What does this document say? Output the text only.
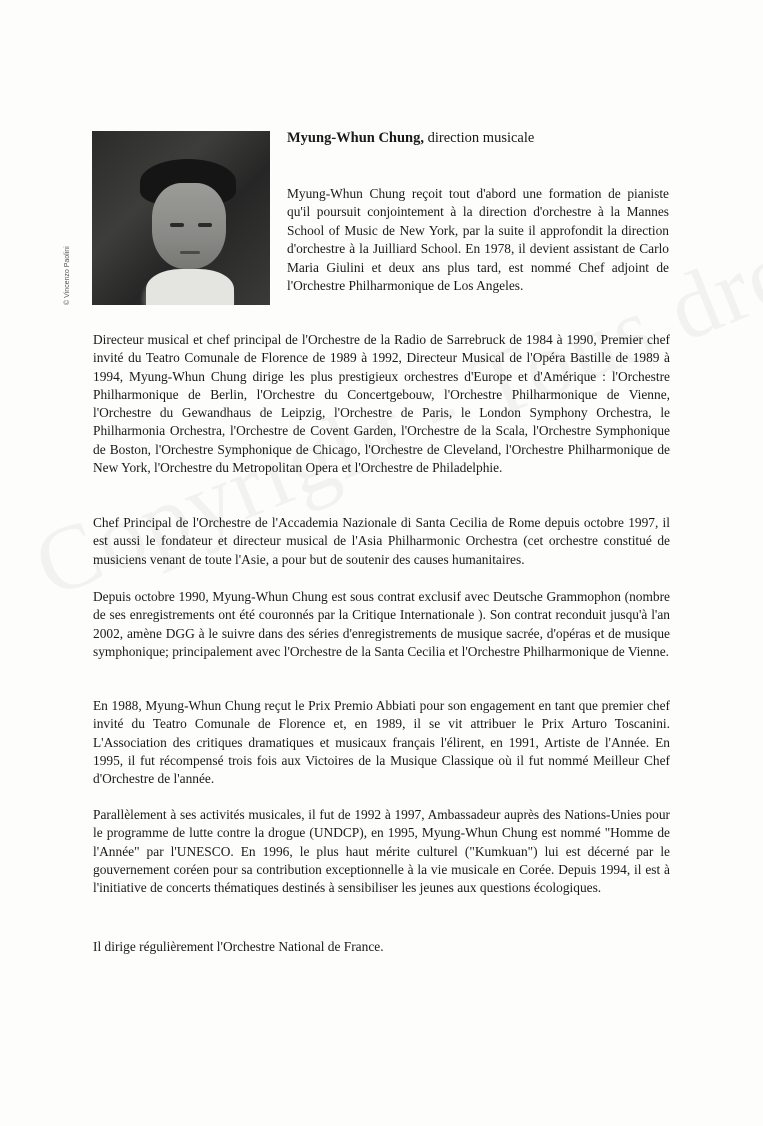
© Vincenzo Paolini
Myung-Whun Chung, direction musicale

Myung-Whun Chung reçoit tout d'abord une formation de pianiste qu'il poursuit conjointement à la direction d'orchestre à la Mannes School of Music de New York, par la suite il approfondit la direction d'orchestre à la Juilliard School. En 1978, il devient assistant de Carlo Maria Giulini et deux ans plus tard, est nommé Chef adjoint de l'Orchestre Philharmonique de Los Angeles.

Directeur musical et chef principal de l'Orchestre de la Radio de Sarrebruck de 1984 à 1990, Premier chef invité du Teatro Comunale de Florence de 1989 à 1992, Directeur Musical de l'Opéra Bastille de 1989 à 1994, Myung-Whun Chung dirige les plus prestigieux orchestres d'Europe et d'Amérique : l'Orchestre Philharmonique de Berlin, l'Orchestre du Concertgebouw, l'Orchestre Philharmonique de Vienne, l'Orchestre du Gewandhaus de Leipzig, l'Orchestre de Paris, le London Symphony Orchestra, le Philharmonia Orchestra, l'Orchestre de Covent Garden, l'Orchestre de la Scala, l'Orchestre Symphonique de Boston, l'Orchestre Symphonique de Chicago, l'Orchestre de Cleveland, l'Orchestre Philharmonique de New York, l'Orchestre du Metropolitan Opera et l'Orchestre de Philadelphie.

Chef Principal de l'Orchestre de l'Accademia Nazionale di Santa Cecilia de Rome depuis octobre 1997, il est aussi le fondateur et directeur musical de l'Asia Philharmonic Orchestra (cet orchestre constitué de musiciens venant de toute l'Asie, a pour but de soutenir des causes humanitaires.

Depuis octobre 1990, Myung-Whun Chung est sous contrat exclusif avec Deutsche Grammophon (nombre de ses enregistrements ont été couronnés par la Critique Internationale ). Son contrat reconduit jusqu'à l'an 2002, amène DGG à le suivre dans des séries d'enregistrements de musique sacrée, d'opéras et de musique symphonique; principalement avec l'Orchestre de la Santa Cecilia et l'Orchestre Philharmonique de Vienne.

En 1988, Myung-Whun Chung reçut le Prix Premio Abbiati pour son engagement en tant que premier chef invité du Teatro Comunale de Florence et, en 1989, il se vit attribuer le Prix Arturo Toscanini. L'Association des critiques dramatiques et musicaux français l'élirent, en 1991, Artiste de l'Année. En 1995, il fut récompensé trois fois aux Victoires de la Musique Classique où il fut nommé Meilleur Chef d'Orchestre de l'année.

Parallèlement à ses activités musicales, il fut de 1992 à 1997, Ambassadeur auprès des Nations-Unies pour le programme de lutte contre la drogue (UNDCP), en 1995, Myung-Whun Chung est nommé "Homme de l'Année" par l'UNESCO. En 1996, le plus haut mérite culturel ("Kumkuan") lui est décerné par le gouvernement coréen pour sa contribution exceptionnelle à la vie musicale en Corée. Depuis 1994, il est à l'initiative de concerts thématiques destinés à sensibiliser les jeunes aux questions écologiques.

Il dirige régulièrement l'Orchestre National de France.
